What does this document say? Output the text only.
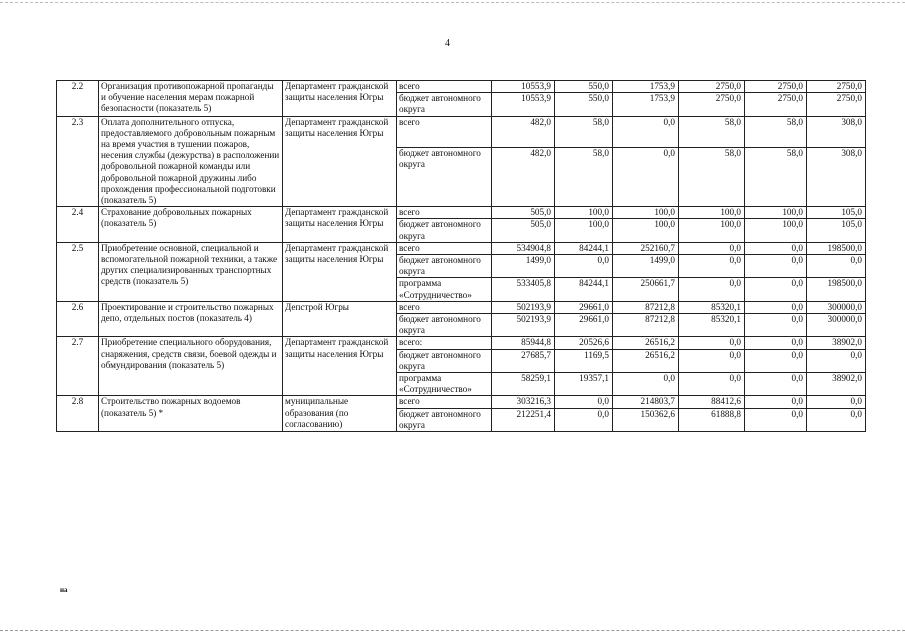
4
2.2	Организация противопожарной пропаганды и обучение населения мерам пожарной безопасности (показатель 5)	Департамент гражданской защиты населения Югры	всего	10553,9	550,0	1753,9	2750,0	2750,0	2750,0
			бюджет автономного округа	10553,9	550,0	1753,9	2750,0	2750,0	2750,0
2.3	Оплата дополнительного отпуска, предоставляемого добровольным пожарным на время участия в тушении пожаров, несения службы (дежурства) в расположении добровольной пожарной команды или добровольной пожарной дружины либо прохождения профессиональной подготовки (показатель 5)	Департамент гражданской защиты населения Югры	всего	482,0	58,0	0,0	58,0	58,0	308,0
			бюджет автономного округа	482,0	58,0	0,0	58,0	58,0	308,0
2.4	Страхование добровольных пожарных (показатель 5)	Департамент гражданской защиты населения Югры	всего	505,0	100,0	100,0	100,0	100,0	105,0
			бюджет автономного округа	505,0	100,0	100,0	100,0	100,0	105,0
2.5	Приобретение основной, специальной и вспомогательной пожарной техники, а также других специализированных транспортных средств (показатель 5)	Департамент гражданской защиты населения Югры	всего	534904,8	84244,1	252160,7	0,0	0,0	198500,0
			бюджет автономного округа	1499,0	0,0	1499,0	0,0	0,0	0,0
			программа «Сотрудничество»	533405,8	84244,1	250661,7	0,0	0,0	198500,0
2.6	Проектирование и строительство пожарных депо, отдельных постов (показатель 4)	Депстрой Югры	всего	502193,9	29661,0	87212,8	85320,1	0,0	300000,0
			бюджет автономного округа	502193,9	29661,0	87212,8	85320,1	0,0	300000,0
2.7	Приобретение специального оборудования, снаряжения, средств связи, боевой одежды и обмундирования (показатель 5)	Департамент гражданской защиты населения Югры	всего:	85944,8	20526,6	26516,2	0,0	0,0	38902,0
			бюджет автономного округа	27685,7	1169,5	26516,2	0,0	0,0	0,0
			программа «Сотрудничество»	58259,1	19357,1	0,0	0,0	0,0	38902,0
2.8	Строительство пожарных водоемов (показатель 5) *	муниципальные образования (по согласованию)	всего	303216,3	0,0	214803,7	88412,6	0,0	0,0
			бюджет автономного округа	212251,4	0,0	150362,6	61888,8	0,0	0,0
на
